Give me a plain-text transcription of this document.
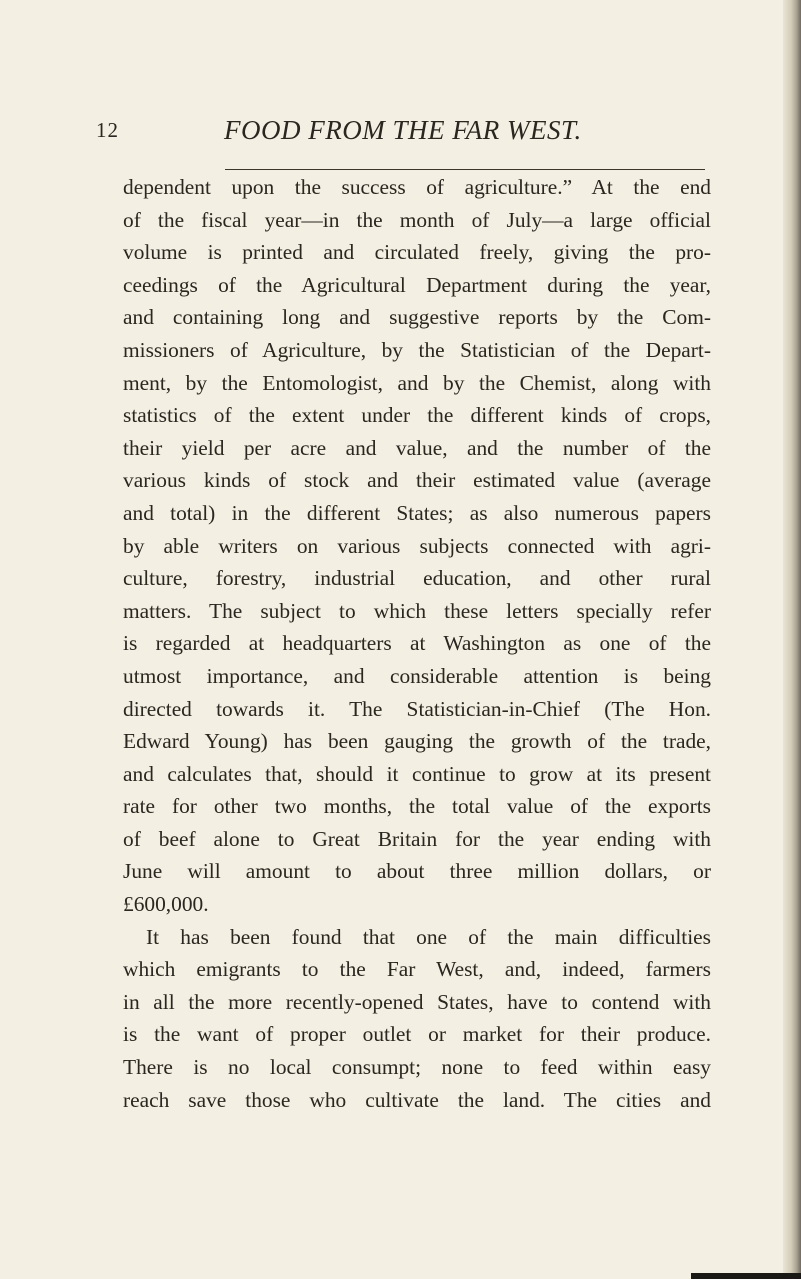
12	FOOD FROM THE FAR WEST.
dependent upon the success of agriculture.” At the end
of the fiscal year—in the month of July—a large official
volume is printed and circulated freely, giving the pro-
ceedings of the Agricultural Department during the year,
and containing long and suggestive reports by the Com-
missioners of Agriculture, by the Statistician of the Depart-
ment, by the Entomologist, and by the Chemist, along with
statistics of the extent under the different kinds of crops,
their yield per acre and value, and the number of the
various kinds of stock and their estimated value (average
and total) in the different States; as also numerous papers
by able writers on various subjects connected with agri-
culture, forestry, industrial education, and other rural
matters. The subject to which these letters specially refer
is regarded at headquarters at Washington as one of the
utmost importance, and considerable attention is being
directed towards it. The Statistician-in-Chief (The Hon.
Edward Young) has been gauging the growth of the trade,
and calculates that, should it continue to grow at its present
rate for other two months, the total value of the exports
of beef alone to Great Britain for the year ending with
June will amount to about three million dollars, or
£600,000.
It has been found that one of the main difficulties
which emigrants to the Far West, and, indeed, farmers
in all the more recently-opened States, have to contend with
is the want of proper outlet or market for their produce.
There is no local consumpt; none to feed within easy
reach save those who cultivate the land. The cities and
